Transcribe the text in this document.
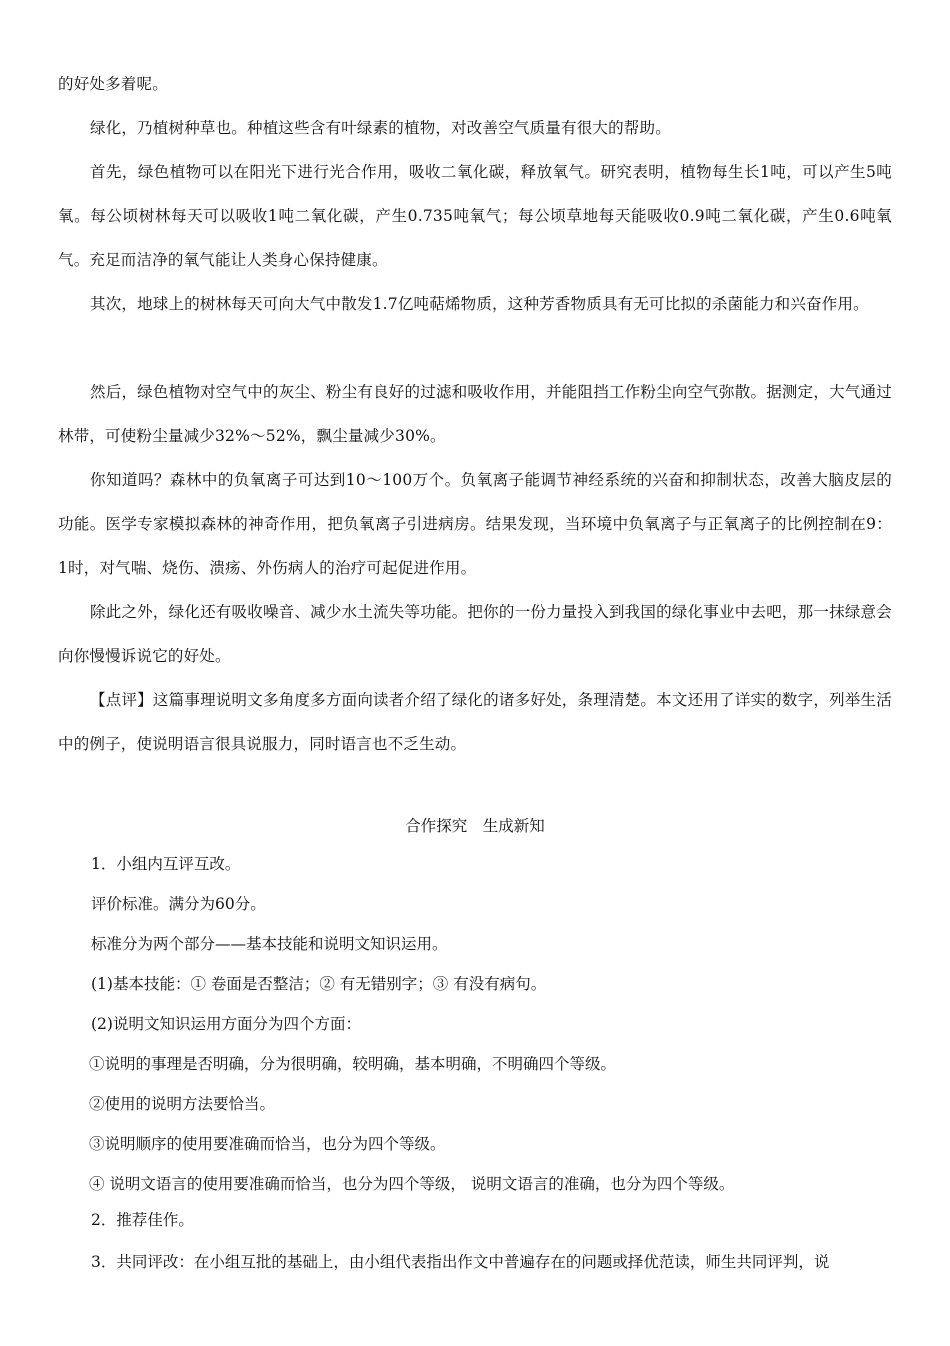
的好处多着呢。

绿化，乃植树种草也。种植这些含有叶绿素的植物，对改善空气质量有很大的帮助。

首先，绿色植物可以在阳光下进行光合作用，吸收二氧化碳，释放氧气。研究表明，植物每生长1吨，可以产生5吨氧。每公顷树林每天可以吸收1吨二氧化碳，产生0.735吨氧气；每公顷草地每天能吸收0.9吨二氧化碳，产生0.6吨氧气。充足而洁净的氧气能让人类身心保持健康。

其次，地球上的树林每天可向大气中散发1.7亿吨萜烯物质，这种芳香物质具有无可比拟的杀菌能力和兴奋作用。

然后，绿色植物对空气中的灰尘、粉尘有良好的过滤和吸收作用，并能阻挡工作粉尘向空气弥散。据测定，大气通过林带，可使粉尘量减少32%～52%，飘尘量减少30%。

你知道吗？森林中的负氧离子可达到10～100万个。负氧离子能调节神经系统的兴奋和抑制状态，改善大脑皮层的功能。医学专家模拟森林的神奇作用，把负氧离子引进病房。结果发现，当环境中负氧离子与正氧离子的比例控制在9：1时，对气喘、烧伤、溃疡、外伤病人的治疗可起促进作用。

除此之外，绿化还有吸收噪音、减少水土流失等功能。把你的一份力量投入到我国的绿化事业中去吧，那一抹绿意会向你慢慢诉说它的好处。

【点评】这篇事理说明文多角度多方面向读者介绍了绿化的诸多好处，条理清楚。本文还用了详实的数字，列举生活中的例子，使说明语言很具说服力，同时语言也不乏生动。

合作探究　生成新知

1．小组内互评互改。

评价标准。满分为60分。

标准分为两个部分——基本技能和说明文知识运用。

(1)基本技能：① 卷面是否整洁；② 有无错别字；③ 有没有病句。

(2)说明文知识运用方面分为四个方面：

①说明的事理是否明确，分为很明确，较明确，基本明确，不明确四个等级。

②使用的说明方法要恰当。

③说明顺序的使用要准确而恰当，也分为四个等级。

④ 说明文语言的使用要准确而恰当，也分为四个等级， 说明文语言的准确，也分为四个等级。

2．推荐佳作。

3．共同评改：在小组互批的基础上，由小组代表指出作文中普遍存在的问题或择优范读，师生共同评判，说
